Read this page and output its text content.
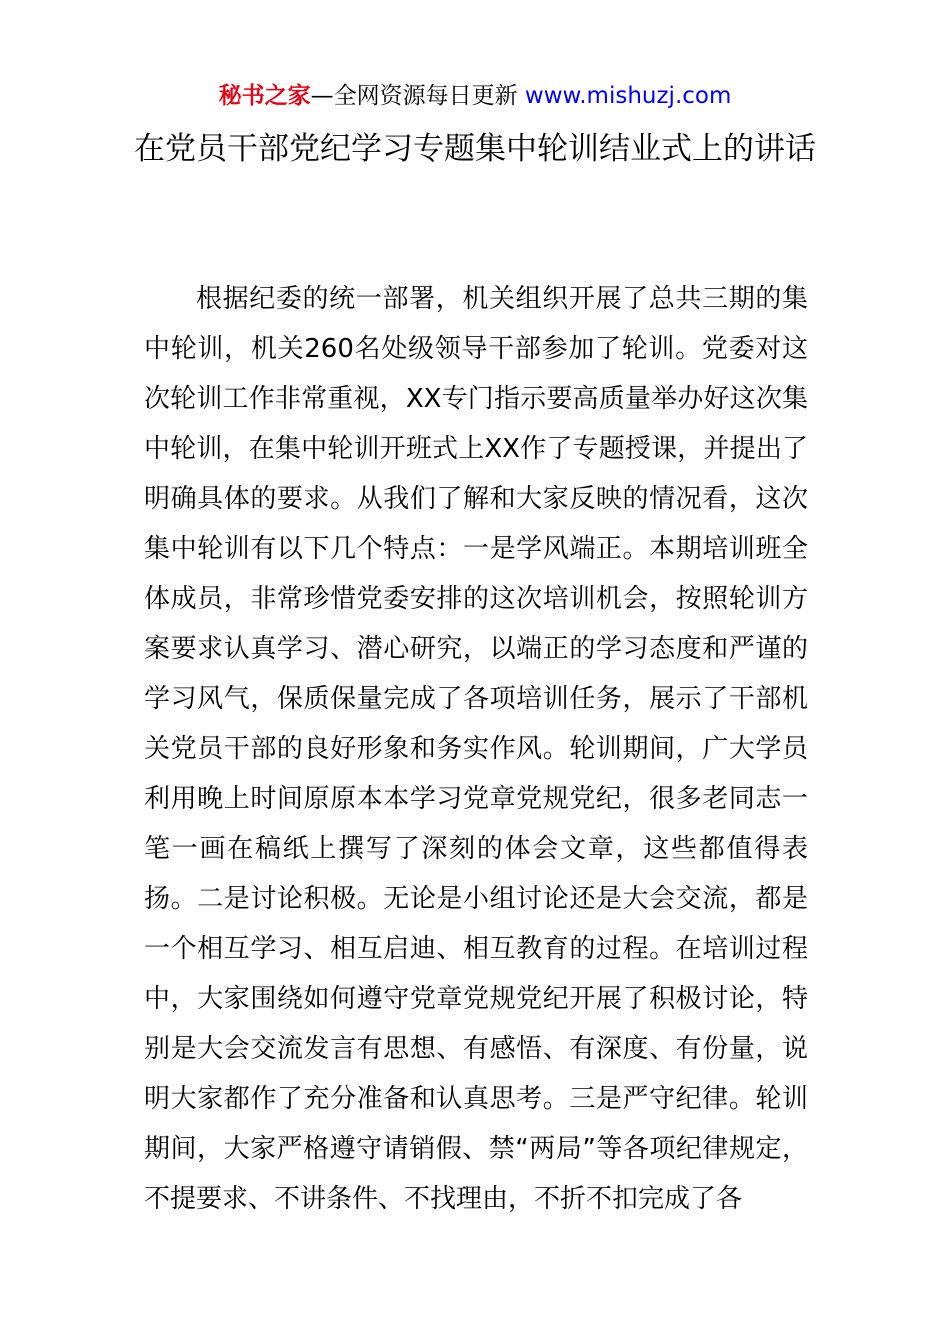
秘书之家—全网资源每日更新 www.mishuzj.com
在党员干部党纪学习专题集中轮训结业式上的讲话

根据纪委的统一部署，机关组织开展了总共三期的集中轮训，机关260名处级领导干部参加了轮训。党委对这次轮训工作非常重视，XX专门指示要高质量举办好这次集中轮训，在集中轮训开班式上XX作了专题授课，并提出了明确具体的要求。从我们了解和大家反映的情况看，这次集中轮训有以下几个特点：一是学风端正。本期培训班全体成员，非常珍惜党委安排的这次培训机会，按照轮训方案要求认真学习、潜心研究，以端正的学习态度和严谨的学习风气，保质保量完成了各项培训任务，展示了干部机关党员干部的良好形象和务实作风。轮训期间，广大学员利用晚上时间原原本本学习党章党规党纪，很多老同志一笔一画在稿纸上撰写了深刻的体会文章，这些都值得表扬。二是讨论积极。无论是小组讨论还是大会交流，都是一个相互学习、相互启迪、相互教育的过程。在培训过程中，大家围绕如何遵守党章党规党纪开展了积极讨论，特别是大会交流发言有思想、有感悟、有深度、有份量，说明大家都作了充分准备和认真思考。三是严守纪律。轮训期间，大家严格遵守请销假、禁“两局”等各项纪律规定，不提要求、不讲条件、不找理由，不折不扣完成了各
